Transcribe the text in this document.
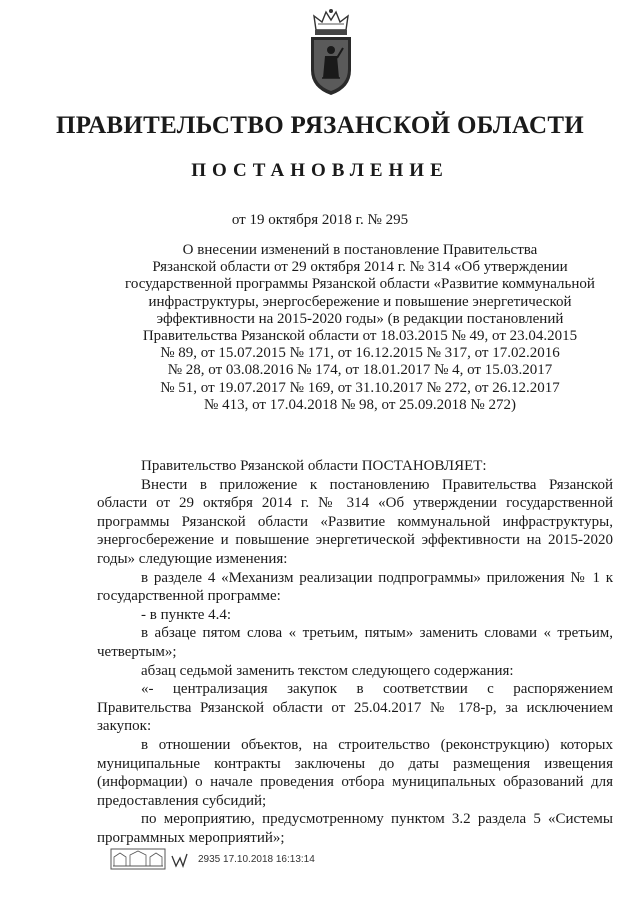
ПРАВИТЕЛЬСТВО РЯЗАНСКОЙ ОБЛАСТИ
ПОСТАНОВЛЕНИЕ
от 19 октября 2018 г. № 295
О внесении изменений в постановление Правительства
Рязанской области от 29 октября 2014 г. № 314 «Об утверждении
государственной программы Рязанской области «Развитие коммунальной
инфраструктуры, энергосбережение и повышение энергетической
эффективности на 2015-2020 годы» (в редакции постановлений
Правительства Рязанской области от 18.03.2015 № 49, от 23.04.2015
№ 89, от 15.07.2015 № 171, от 16.12.2015 № 317, от 17.02.2016
№ 28, от 03.08.2016 № 174, от 18.01.2017 № 4, от 15.03.2017
№ 51, от 19.07.2017 № 169, от 31.10.2017 № 272, от 26.12.2017
№ 413, от 17.04.2018 № 98, от 25.09.2018 № 272)

Правительство Рязанской области ПОСТАНОВЛЯЕТ:

Внести в приложение к постановлению Правительства Рязанской области от 29 октября 2014 г. № 314 «Об утверждении государственной программы Рязанской области «Развитие коммунальной инфраструктуры, энергосбережение и повышение энергетической эффективности на 2015-2020 годы» следующие изменения:

в разделе 4 «Механизм реализации подпрограммы» приложения № 1 к государственной программе:

- в пункте 4.4:

в абзаце пятом слова « третьим, пятым» заменить словами « третьим, четвертым»;

абзац седьмой заменить текстом следующего содержания:

«- централизация закупок в соответствии с распоряжением Правительства Рязанской области от 25.04.2017 № 178-р, за исключением закупок:

в отношении объектов, на строительство (реконструкцию) которых муниципальные контракты заключены до даты размещения извещения (информации) о начале проведения отбора муниципальных образований для предоставления субсидий;

по мероприятию, предусмотренному пунктом 3.2 раздела 5 «Системы программных мероприятий»;

2935 17.10.2018 16:13:14
